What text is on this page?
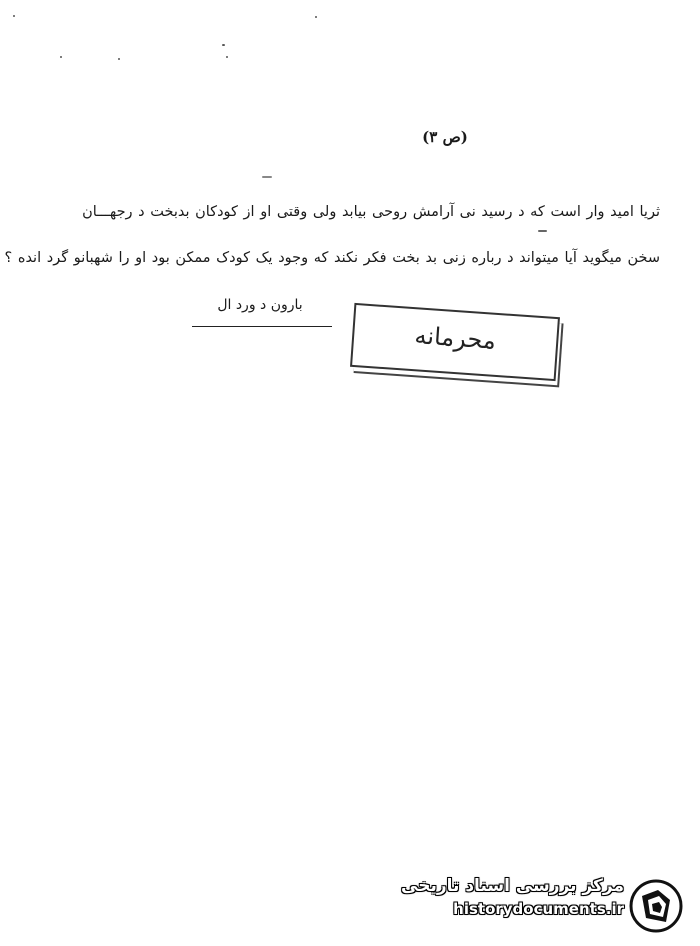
(ص ٣)
ثریا امید وار است که د رسید نی آرامش روحی بیابد ولی وقتی او از کودکان بدبخت د رجهـــان
سخن میگوید آیا میتواند د رباره زنی بد بخت فکر نکند که وجود یک کودک ممکن بود او را شهبانو گرد انده ؟
بارون د ورد ال
محرمانه
مرکز بررسی اسناد تاریخی
historydocuments.ir
